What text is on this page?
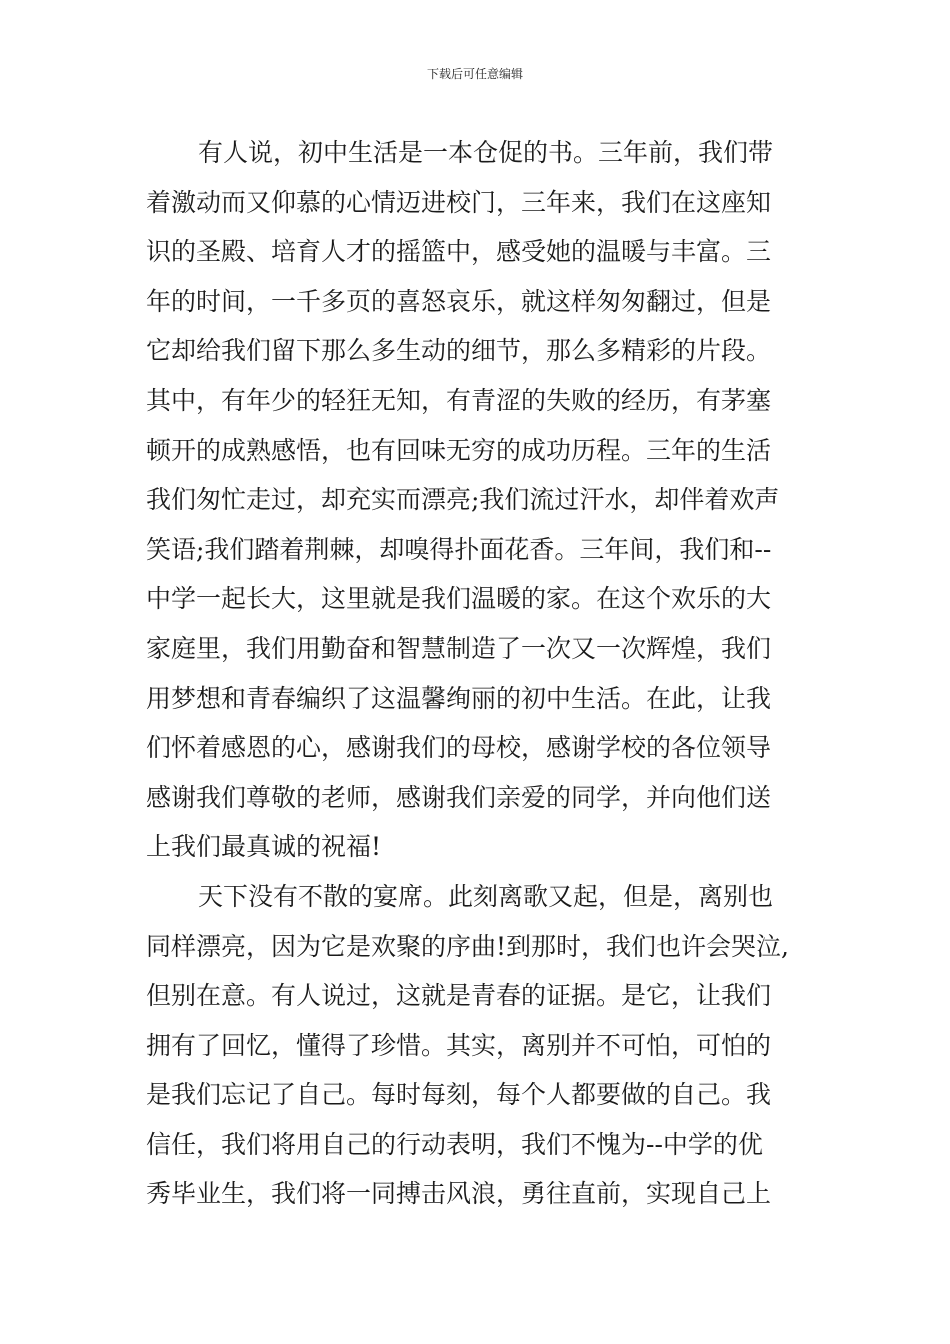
下载后可任意编辑
有人说，初中生活是一本仓促的书。三年前，我们带
着激动而又仰慕的心情迈进校门，三年来，我们在这座知
识的圣殿、培育人才的摇篮中，感受她的温暖与丰富。三
年的时间，一千多页的喜怒哀乐，就这样匆匆翻过，但是
它却给我们留下那么多生动的细节，那么多精彩的片段。
其中，有年少的轻狂无知，有青涩的失败的经历，有茅塞
顿开的成熟感悟，也有回味无穷的成功历程。三年的生活
我们匆忙走过，却充实而漂亮;我们流过汗水，却伴着欢声
笑语;我们踏着荆棘，却嗅得扑面花香。三年间，我们和--
中学一起长大，这里就是我们温暖的家。在这个欢乐的大
家庭里，我们用勤奋和智慧制造了一次又一次辉煌，我们
用梦想和青春编织了这温馨绚丽的初中生活。在此，让我
们怀着感恩的心，感谢我们的母校，感谢学校的各位领导
感谢我们尊敬的老师，感谢我们亲爱的同学，并向他们送
上我们最真诚的祝福!
天下没有不散的宴席。此刻离歌又起，但是，离别也
同样漂亮，因为它是欢聚的序曲!到那时，我们也许会哭泣,
但别在意。有人说过，这就是青春的证据。是它，让我们
拥有了回忆，懂得了珍惜。其实，离别并不可怕，可怕的
是我们忘记了自己。每时每刻，每个人都要做的自己。我
信任，我们将用自己的行动表明，我们不愧为--中学的优
秀毕业生，我们将一同搏击风浪，勇往直前，实现自己上
